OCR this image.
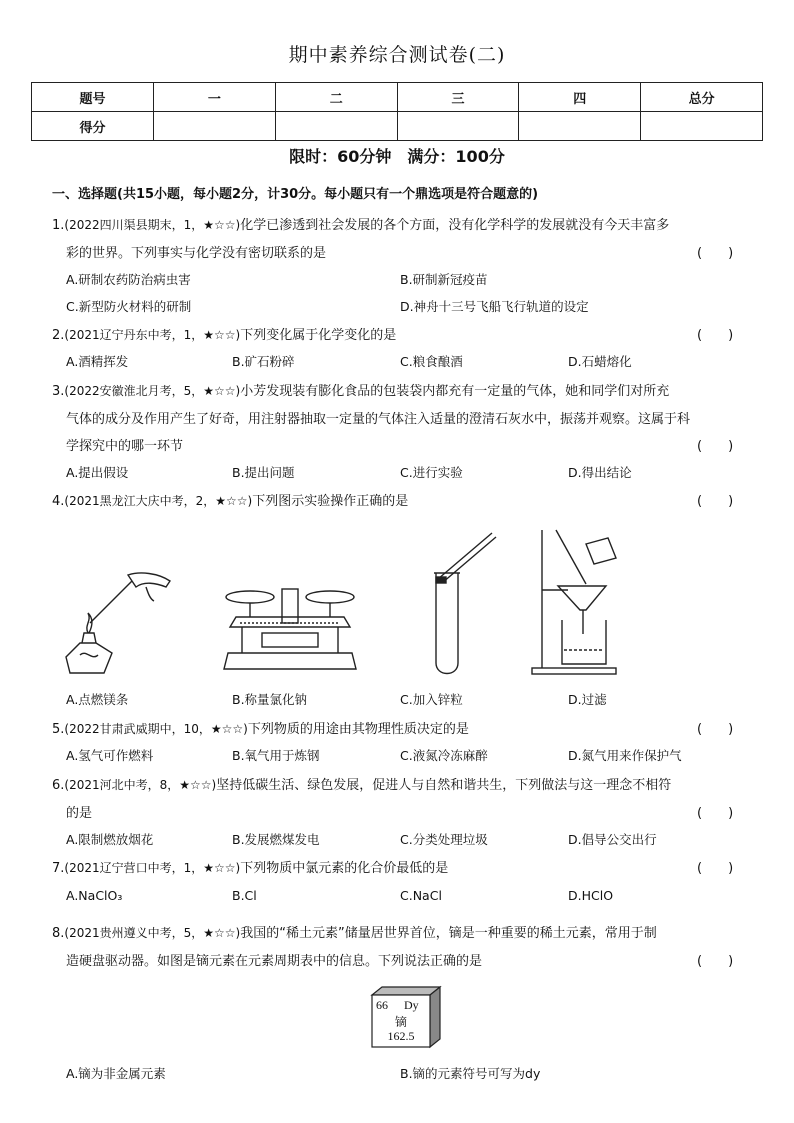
期中素养综合测试卷(二)
题号	一	二	三	四	总分
得分					
限时：60分钟　满分：100分
一、选择题(共15小题，每小题2分，计30分。每小题只有一个鼎选项是符合题意的)
1.(2022四川渠县期末，1，★☆☆)化学已渗透到社会发展的各个方面，没有化学科学的发展就没有今天丰富多
彩的世界。下列事实与化学没有密切联系的是	(　　)
A.研制农药防治病虫害	B.研制新冠疫苗
C.新型防火材料的研制	D.神舟十三号飞船飞行轨道的设定
2.(2021辽宁丹东中考，1，★☆☆)下列变化属于化学变化的是	(　　)
A.酒精挥发	B.矿石粉碎	C.粮食酿酒	D.石蜡熔化
3.(2022安徽淮北月考，5，★☆☆)小芳发现装有膨化食品的包装袋内都充有一定量的气体，她和同学们对所充
气体的成分及作用产生了好奇，用注射器抽取一定量的气体注入适量的澄清石灰水中，振荡并观察。这属于科
学探究中的哪一环节	(　　)
A.提出假设	B.提出问题	C.进行实验	D.得出结论
4.(2021黑龙江大庆中考，2，★☆☆)下列图示实验操作正确的是	(　　)
A.点燃镁条	B.称量氯化钠	C.加入锌粒	D.过滤
5.(2022甘肃武威期中，10，★☆☆)下列物质的用途由其物理性质决定的是	(　　)
A.氢气可作燃料	B.氧气用于炼钢	C.液氮冷冻麻醉	D.氮气用来作保护气
6.(2021河北中考，8，★☆☆)坚持低碳生活、绿色发展，促进人与自然和谐共生，下列做法与这一理念不相符
的是	(　　)
A.限制燃放烟花	B.发展燃煤发电	C.分类处理垃圾	D.倡导公交出行
7.(2021辽宁营口中考，1，★☆☆)下列物质中氯元素的化合价最低的是	(　　)
A.NaClO₃	B.Cl	C.NaCl	D.HClO
8.(2021贵州遵义中考，5，★☆☆)我国的“稀土元素”储量居世界首位，镝是一种重要的稀土元素，常用于制
造硬盘驱动器。如图是镝元素在元素周期表中的信息。下列说法正确的是	(　　)
66 Dy
镝
162.5
A.镝为非金属元素	B.镝的元素符号可写为dy
